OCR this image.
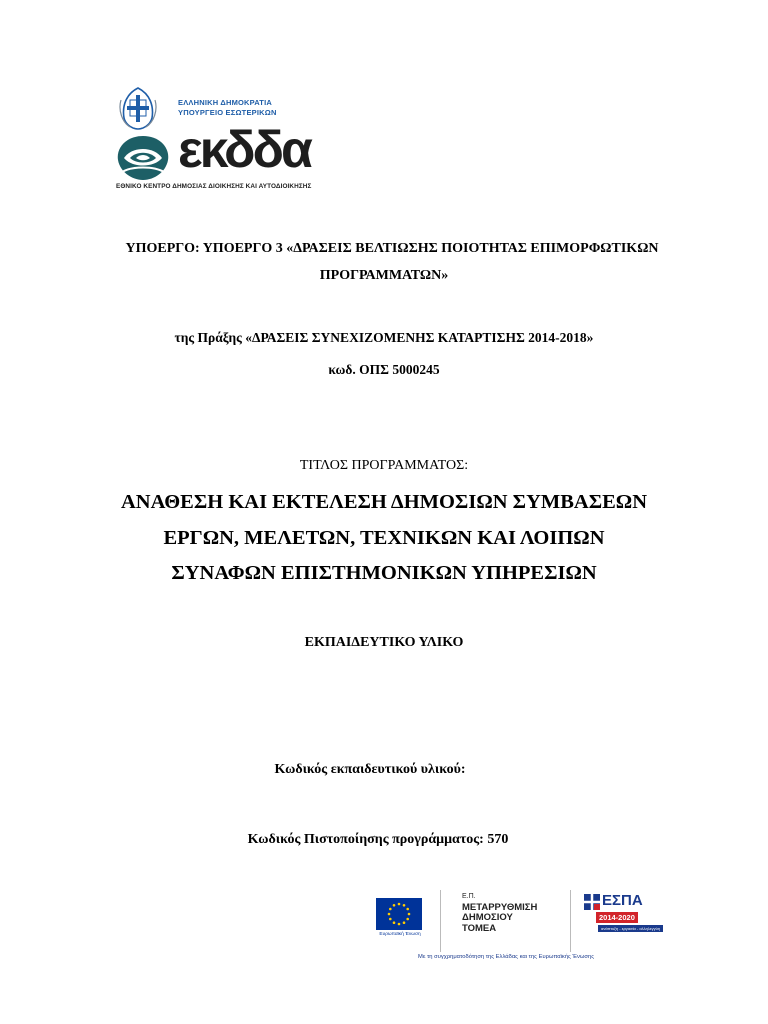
ΕΛΛΗΝΙΚΗ ΔΗΜΟΚΡΑΤΙΑ
ΥΠΟΥΡΓΕΙΟ ΕΣΩΤΕΡΙΚΩΝ
εκδδα
ΕΘΝΙΚΟ ΚΕΝΤΡΟ ΔΗΜΟΣΙΑΣ ΔΙΟΙΚΗΣΗΣ ΚΑΙ ΑΥΤΟΔΙΟΙΚΗΣΗΣ
ΥΠΟΕΡΓΟ: ΥΠΟΕΡΓΟ 3 «ΔΡΑΣΕΙΣ ΒΕΛΤΙΩΣΗΣ ΠΟΙΟΤΗΤΑΣ ΕΠΙΜΟΡΦΩΤΙΚΩΝ
ΠΡΟΓΡΑΜΜΑΤΩΝ»
της Πράξης «ΔΡΑΣΕΙΣ ΣΥΝΕΧΙΖΟΜΕΝΗΣ ΚΑΤΑΡΤΙΣΗΣ 2014-2018»
κωδ. ΟΠΣ 5000245
ΤΙΤΛΟΣ ΠΡΟΓΡΑΜΜΑΤΟΣ:
ΑΝΑΘΕΣΗ ΚΑΙ ΕΚΤΕΛΕΣΗ ΔΗΜΟΣΙΩΝ ΣΥΜΒΑΣΕΩΝ
ΕΡΓΩΝ, ΜΕΛΕΤΩΝ, ΤΕΧΝΙΚΩΝ ΚΑΙ ΛΟΙΠΩΝ
ΣΥΝΑΦΩΝ ΕΠΙΣΤΗΜΟΝΙΚΩΝ ΥΠΗΡΕΣΙΩΝ
ΕΚΠΑΙΔΕΥΤΙΚΟ ΥΛΙΚΟ
Κωδικός εκπαιδευτικού υλικού:
Κωδικός Πιστοποίησης προγράμματος: 570
Ευρωπαϊκή Ένωση
Ε.Π.
ΜΕΤΑΡΡΥΘΜΙΣΗ
ΔΗΜΟΣΙΟΥ
ΤΟΜΕΑ
ΕΣΠΑ
2014-2020
ανάπτυξη - εργασία - αλληλεγγύη
Με τη συγχρηματοδότηση της Ελλάδας και της Ευρωπαϊκής Ένωσης
